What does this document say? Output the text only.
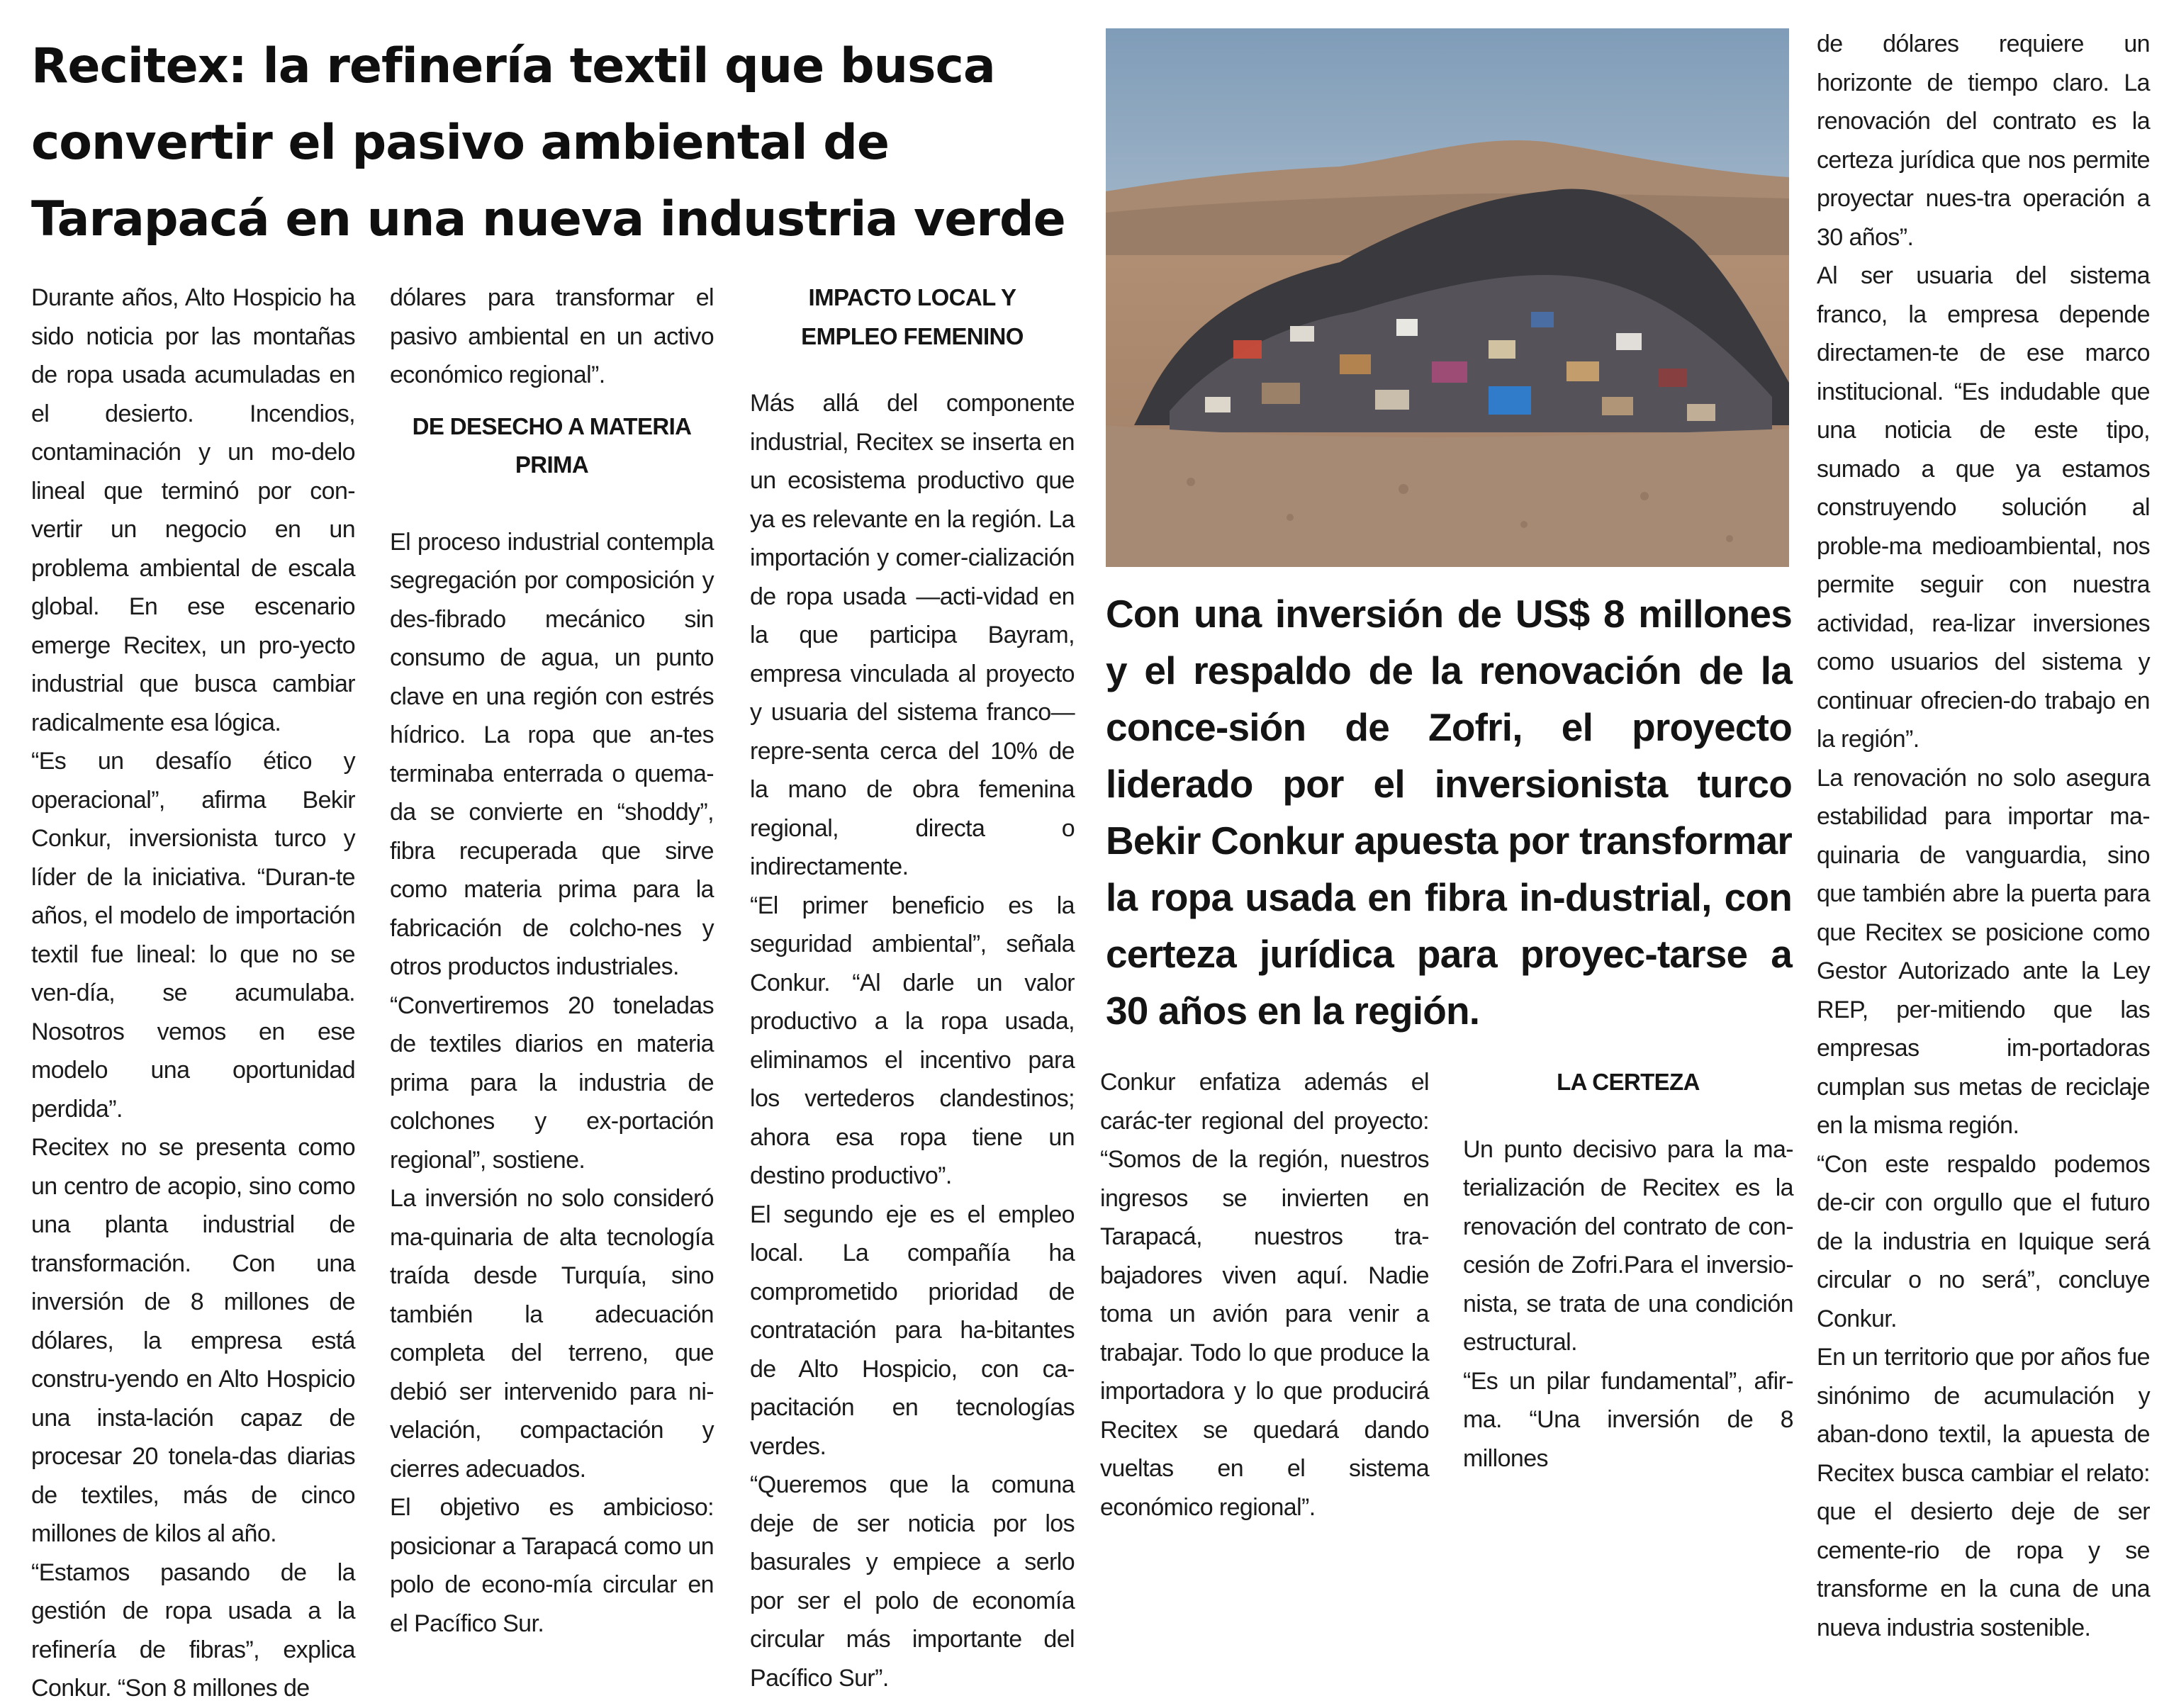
Recitex: la refinería textil que busca convertir el pasivo ambiental de Tarapacá en una nueva industria verde

Durante años, Alto Hospicio ha sido noticia por las montañas de ropa usada acumuladas en el desierto. Incendios, contaminación y un mo-delo lineal que terminó por con-vertir un negocio en un problema ambiental de escala global. En ese escenario emerge Recitex, un pro-yecto industrial que busca cambiar radicalmente esa lógica.

“Es un desafío ético y operacional”, afirma Bekir Conkur, inversionista turco y líder de la iniciativa. “Duran-te años, el modelo de importación textil fue lineal: lo que no se ven-día, se acumulaba. Nosotros vemos en ese modelo una oportunidad perdida”.

Recitex no se presenta como un centro de acopio, sino como una planta industrial de transformación. Con una inversión de 8 millones de dólares, la empresa está constru-yendo en Alto Hospicio una insta-lación capaz de procesar 20 tonela-das diarias de textiles, más de cinco millones de kilos al año.

“Estamos pasando de la gestión de ropa usada a la refinería de fibras”, explica Conkur. “Son 8 millones de

dólares para transformar el pasivo ambiental en un activo económico regional”.

DE DESECHO A MATERIA PRIMA

El proceso industrial contempla segregación por composición y des-fibrado mecánico sin consumo de agua, un punto clave en una región con estrés hídrico. La ropa que an-tes terminaba enterrada o quema-da se convierte en “shoddy”, fibra recuperada que sirve como materia prima para la fabricación de colcho-nes y otros productos industriales.

“Convertiremos 20 toneladas de textiles diarios en materia prima para la industria de colchones y ex-portación regional”, sostiene.

La inversión no solo consideró ma-quinaria de alta tecnología traída desde Turquía, sino también la adecuación completa del terreno, que debió ser intervenido para ni-velación, compactación y cierres adecuados.

El objetivo es ambicioso: posicionar a Tarapacá como un polo de econo-mía circular en el Pacífico Sur.

IMPACTO LOCAL Y
EMPLEO FEMENINO

Más allá del componente industrial, Recitex se inserta en un ecosistema productivo que ya es relevante en la región. La importación y comer-cialización de ropa usada —acti-vidad en la que participa Bayram, empresa vinculada al proyecto y usuaria del sistema franco— repre-senta cerca del 10% de la mano de obra femenina regional, directa o indirectamente.

“El primer beneficio es la seguridad ambiental”, señala Conkur. “Al darle un valor productivo a la ropa usada, eliminamos el incentivo para los vertederos clandestinos; ahora esa ropa tiene un destino productivo”.

El segundo eje es el empleo local. La compañía ha comprometido prioridad de contratación para ha-bitantes de Alto Hospicio, con ca-pacitación en tecnologías verdes.

“Queremos que la comuna deje de ser noticia por los basurales y empiece a serlo por ser el polo de economía circular más importante del Pacífico Sur”.

Con una inversión de US$ 8 millones y el respaldo de la renovación de la conce-sión de Zofri, el proyecto liderado por el inversionista turco Bekir Conkur apuesta por transformar la ropa usada en fibra in-dustrial, con certeza jurídica para proyec-tarse a 30 años en la región.

Conkur enfatiza además el carác-ter regional del proyecto: “Somos de la región, nuestros ingresos se invierten en Tarapacá, nuestros tra-bajadores viven aquí. Nadie toma un avión para venir a trabajar. Todo lo que produce la importadora y lo que producirá Recitex se quedará dando vueltas en el sistema económico regional”.

LA CERTEZA

Un punto decisivo para la ma-terialización de Recitex es la renovación del contrato de con-cesión de Zofri.Para el inversio-nista, se trata de una condición estructural.

“Es un pilar fundamental”, afir-ma. “Una inversión de 8 millones

de dólares requiere un horizonte de tiempo claro. La renovación del contrato es la certeza jurídica que nos permite proyectar nues-tra operación a 30 años”.

Al ser usuaria del sistema franco, la empresa depende directamen-te de ese marco institucional. “Es indudable que una noticia de este tipo, sumado a que ya estamos construyendo solución al proble-ma medioambiental, nos permite seguir con nuestra actividad, rea-lizar inversiones como usuarios del sistema y continuar ofrecien-do trabajo en la región”.

La renovación no solo asegura estabilidad para importar ma-quinaria de vanguardia, sino que también abre la puerta para que Recitex se posicione como Gestor Autorizado ante la Ley REP, per-mitiendo que las empresas im-portadoras cumplan sus metas de reciclaje en la misma región.

“Con este respaldo podemos de-cir con orgullo que el futuro de la industria en Iquique será circular o no será”, concluye Conkur.

En un territorio que por años fue sinónimo de acumulación y aban-dono textil, la apuesta de Recitex busca cambiar el relato: que el desierto deje de ser cemente-rio de ropa y se transforme en la cuna de una nueva industria sostenible.
